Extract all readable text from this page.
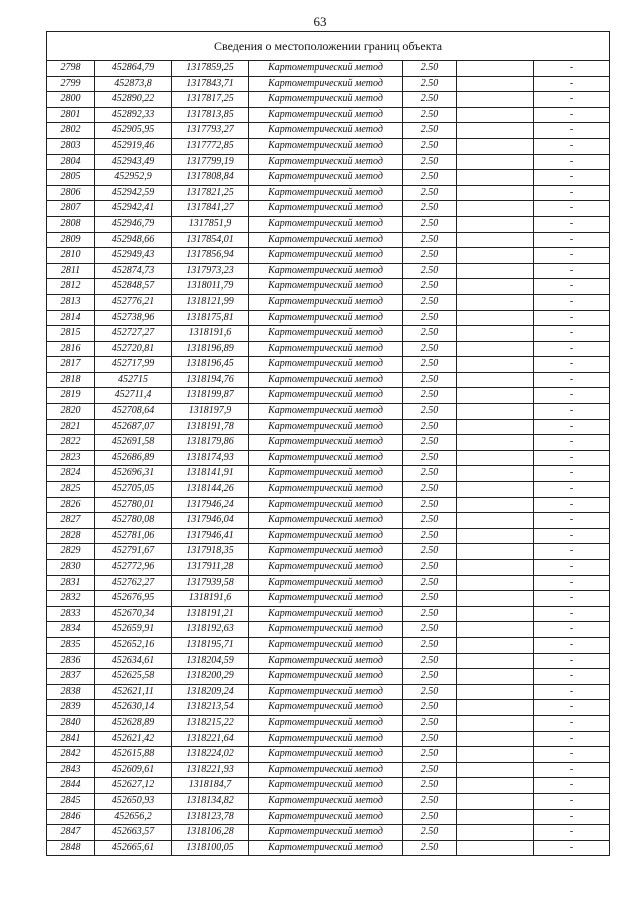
63
Сведения о местоположении границ объекта						
2798	452864,79	1317859,25	Картометрический метод	2.50		-
2799	452873,8	1317843,71	Картометрический метод	2.50		-
2800	452890,22	1317817,25	Картометрический метод	2.50		-
2801	452892,33	1317813,85	Картометрический метод	2.50		-
2802	452905,95	1317793,27	Картометрический метод	2.50		-
2803	452919,46	1317772,85	Картометрический метод	2.50		-
2804	452943,49	1317799,19	Картометрический метод	2.50		-
2805	452952,9	1317808,84	Картометрический метод	2.50		-
2806	452942,59	1317821,25	Картометрический метод	2.50		-
2807	452942,41	1317841,27	Картометрический метод	2.50		-
2808	452946,79	1317851,9	Картометрический метод	2.50		-
2809	452948,66	1317854,01	Картометрический метод	2.50		-
2810	452949,43	1317856,94	Картометрический метод	2.50		-
2811	452874,73	1317973,23	Картометрический метод	2.50		-
2812	452848,57	1318011,79	Картометрический метод	2.50		-
2813	452776,21	1318121,99	Картометрический метод	2.50		-
2814	452738,96	1318175,81	Картометрический метод	2.50		-
2815	452727,27	1318191,6	Картометрический метод	2.50		-
2816	452720,81	1318196,89	Картометрический метод	2.50		-
2817	452717,99	1318196,45	Картометрический метод	2.50		-
2818	452715	1318194,76	Картометрический метод	2.50		-
2819	452711,4	1318199,87	Картометрический метод	2.50		-
2820	452708,64	1318197,9	Картометрический метод	2.50		-
2821	452687,07	1318191,78	Картометрический метод	2.50		-
2822	452691,58	1318179,86	Картометрический метод	2.50		-
2823	452686,89	1318174,93	Картометрический метод	2.50		-
2824	452696,31	1318141,91	Картометрический метод	2.50		-
2825	452705,05	1318144,26	Картометрический метод	2.50		-
2826	452780,01	1317946,24	Картометрический метод	2.50		-
2827	452780,08	1317946,04	Картометрический метод	2.50		-
2828	452781,06	1317946,41	Картометрический метод	2.50		-
2829	452791,67	1317918,35	Картометрический метод	2.50		-
2830	452772,96	1317911,28	Картометрический метод	2.50		-
2831	452762,27	1317939,58	Картометрический метод	2.50		-
2832	452676,95	1318191,6	Картометрический метод	2.50		-
2833	452670,34	1318191,21	Картометрический метод	2.50		-
2834	452659,91	1318192,63	Картометрический метод	2.50		-
2835	452652,16	1318195,71	Картометрический метод	2.50		-
2836	452634,61	1318204,59	Картометрический метод	2.50		-
2837	452625,58	1318200,29	Картометрический метод	2.50		-
2838	452621,11	1318209,24	Картометрический метод	2.50		-
2839	452630,14	1318213,54	Картометрический метод	2.50		-
2840	452628,89	1318215,22	Картометрический метод	2.50		-
2841	452621,42	1318221,64	Картометрический метод	2.50		-
2842	452615,88	1318224,02	Картометрический метод	2.50		-
2843	452609,61	1318221,93	Картометрический метод	2.50		-
2844	452627,12	1318184,7	Картометрический метод	2.50		-
2845	452650,93	1318134,82	Картометрический метод	2.50		-
2846	452656,2	1318123,78	Картометрический метод	2.50		-
2847	452663,57	1318106,28	Картометрический метод	2.50		-
2848	452665,61	1318100,05	Картометрический метод	2.50		-
